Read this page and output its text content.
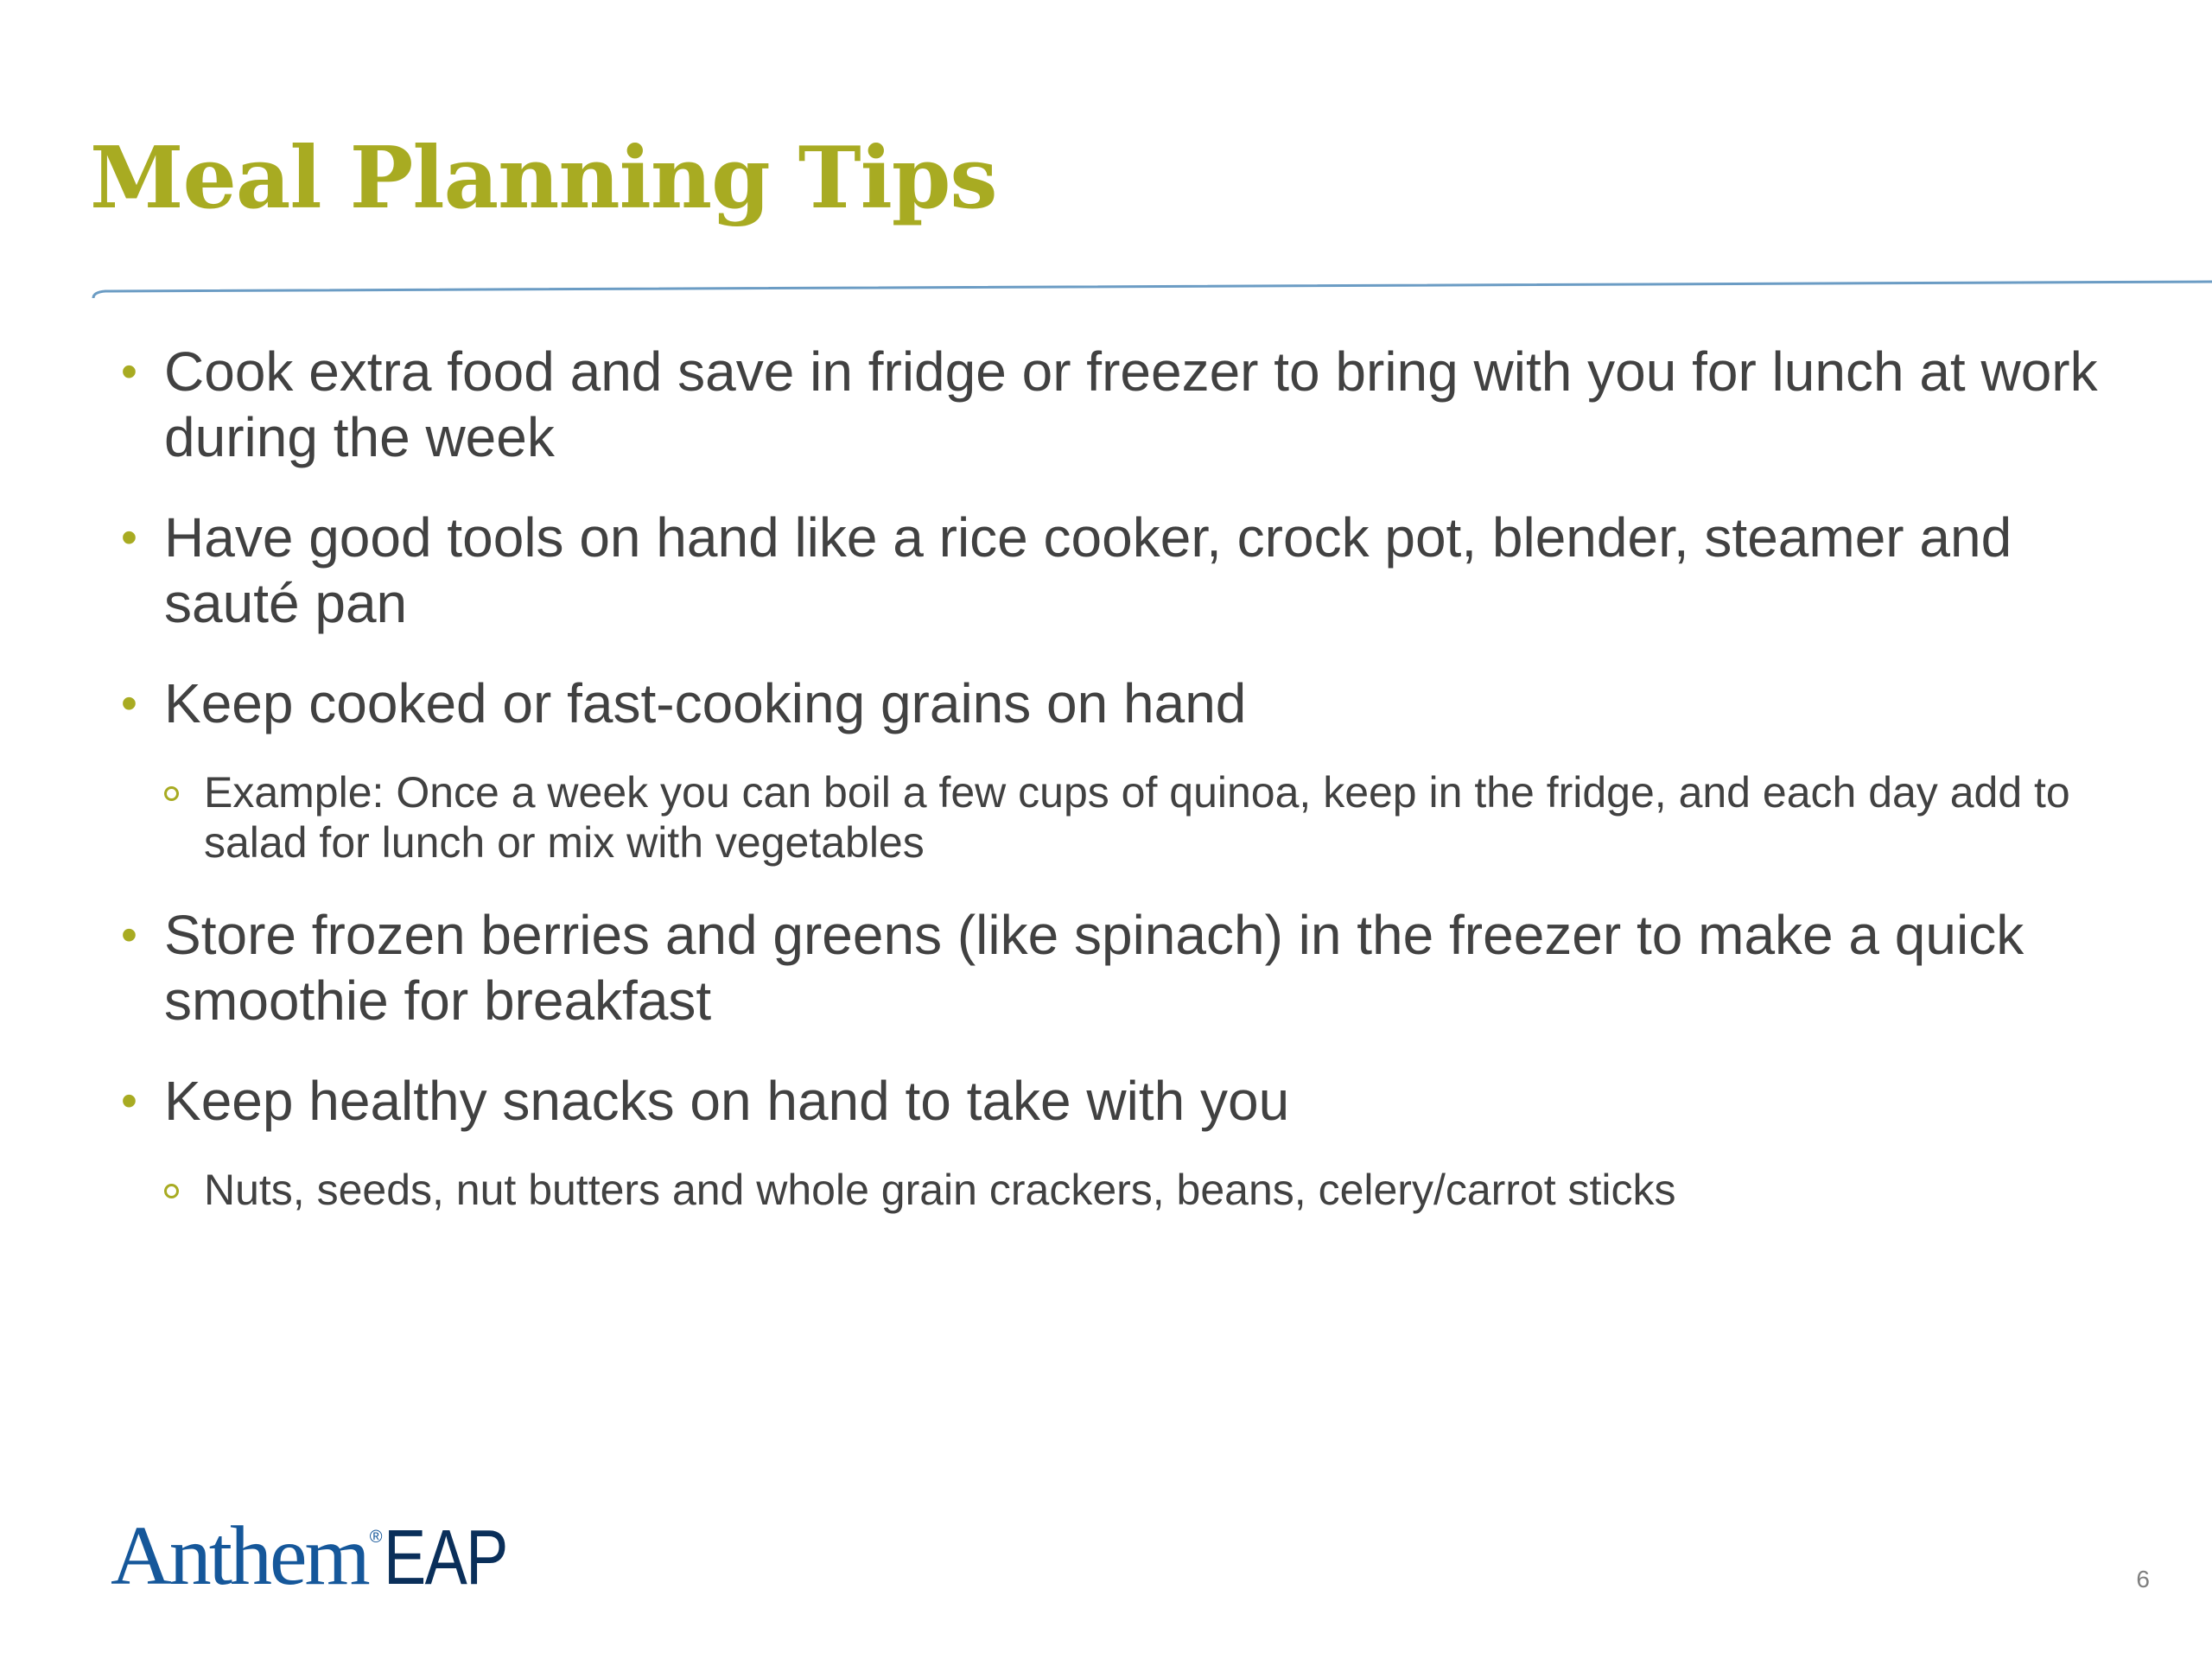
Meal Planning Tips
• Cook extra food and save in fridge or freezer to bring with you for lunch at work during the week
• Have good tools on hand like a rice cooker, crock pot, blender, steamer and sauté pan
• Keep cooked or fast-cooking grains on hand
Example: Once a week you can boil a few cups of quinoa, keep in the fridge, and each day add to salad for lunch or mix with vegetables
• Store frozen berries and greens (like spinach) in the freezer to make a quick smoothie for breakfast
• Keep healthy snacks on hand to take with you
Nuts, seeds, nut butters and whole grain crackers, beans, celery/carrot sticks
Anthem ®EAP	6
